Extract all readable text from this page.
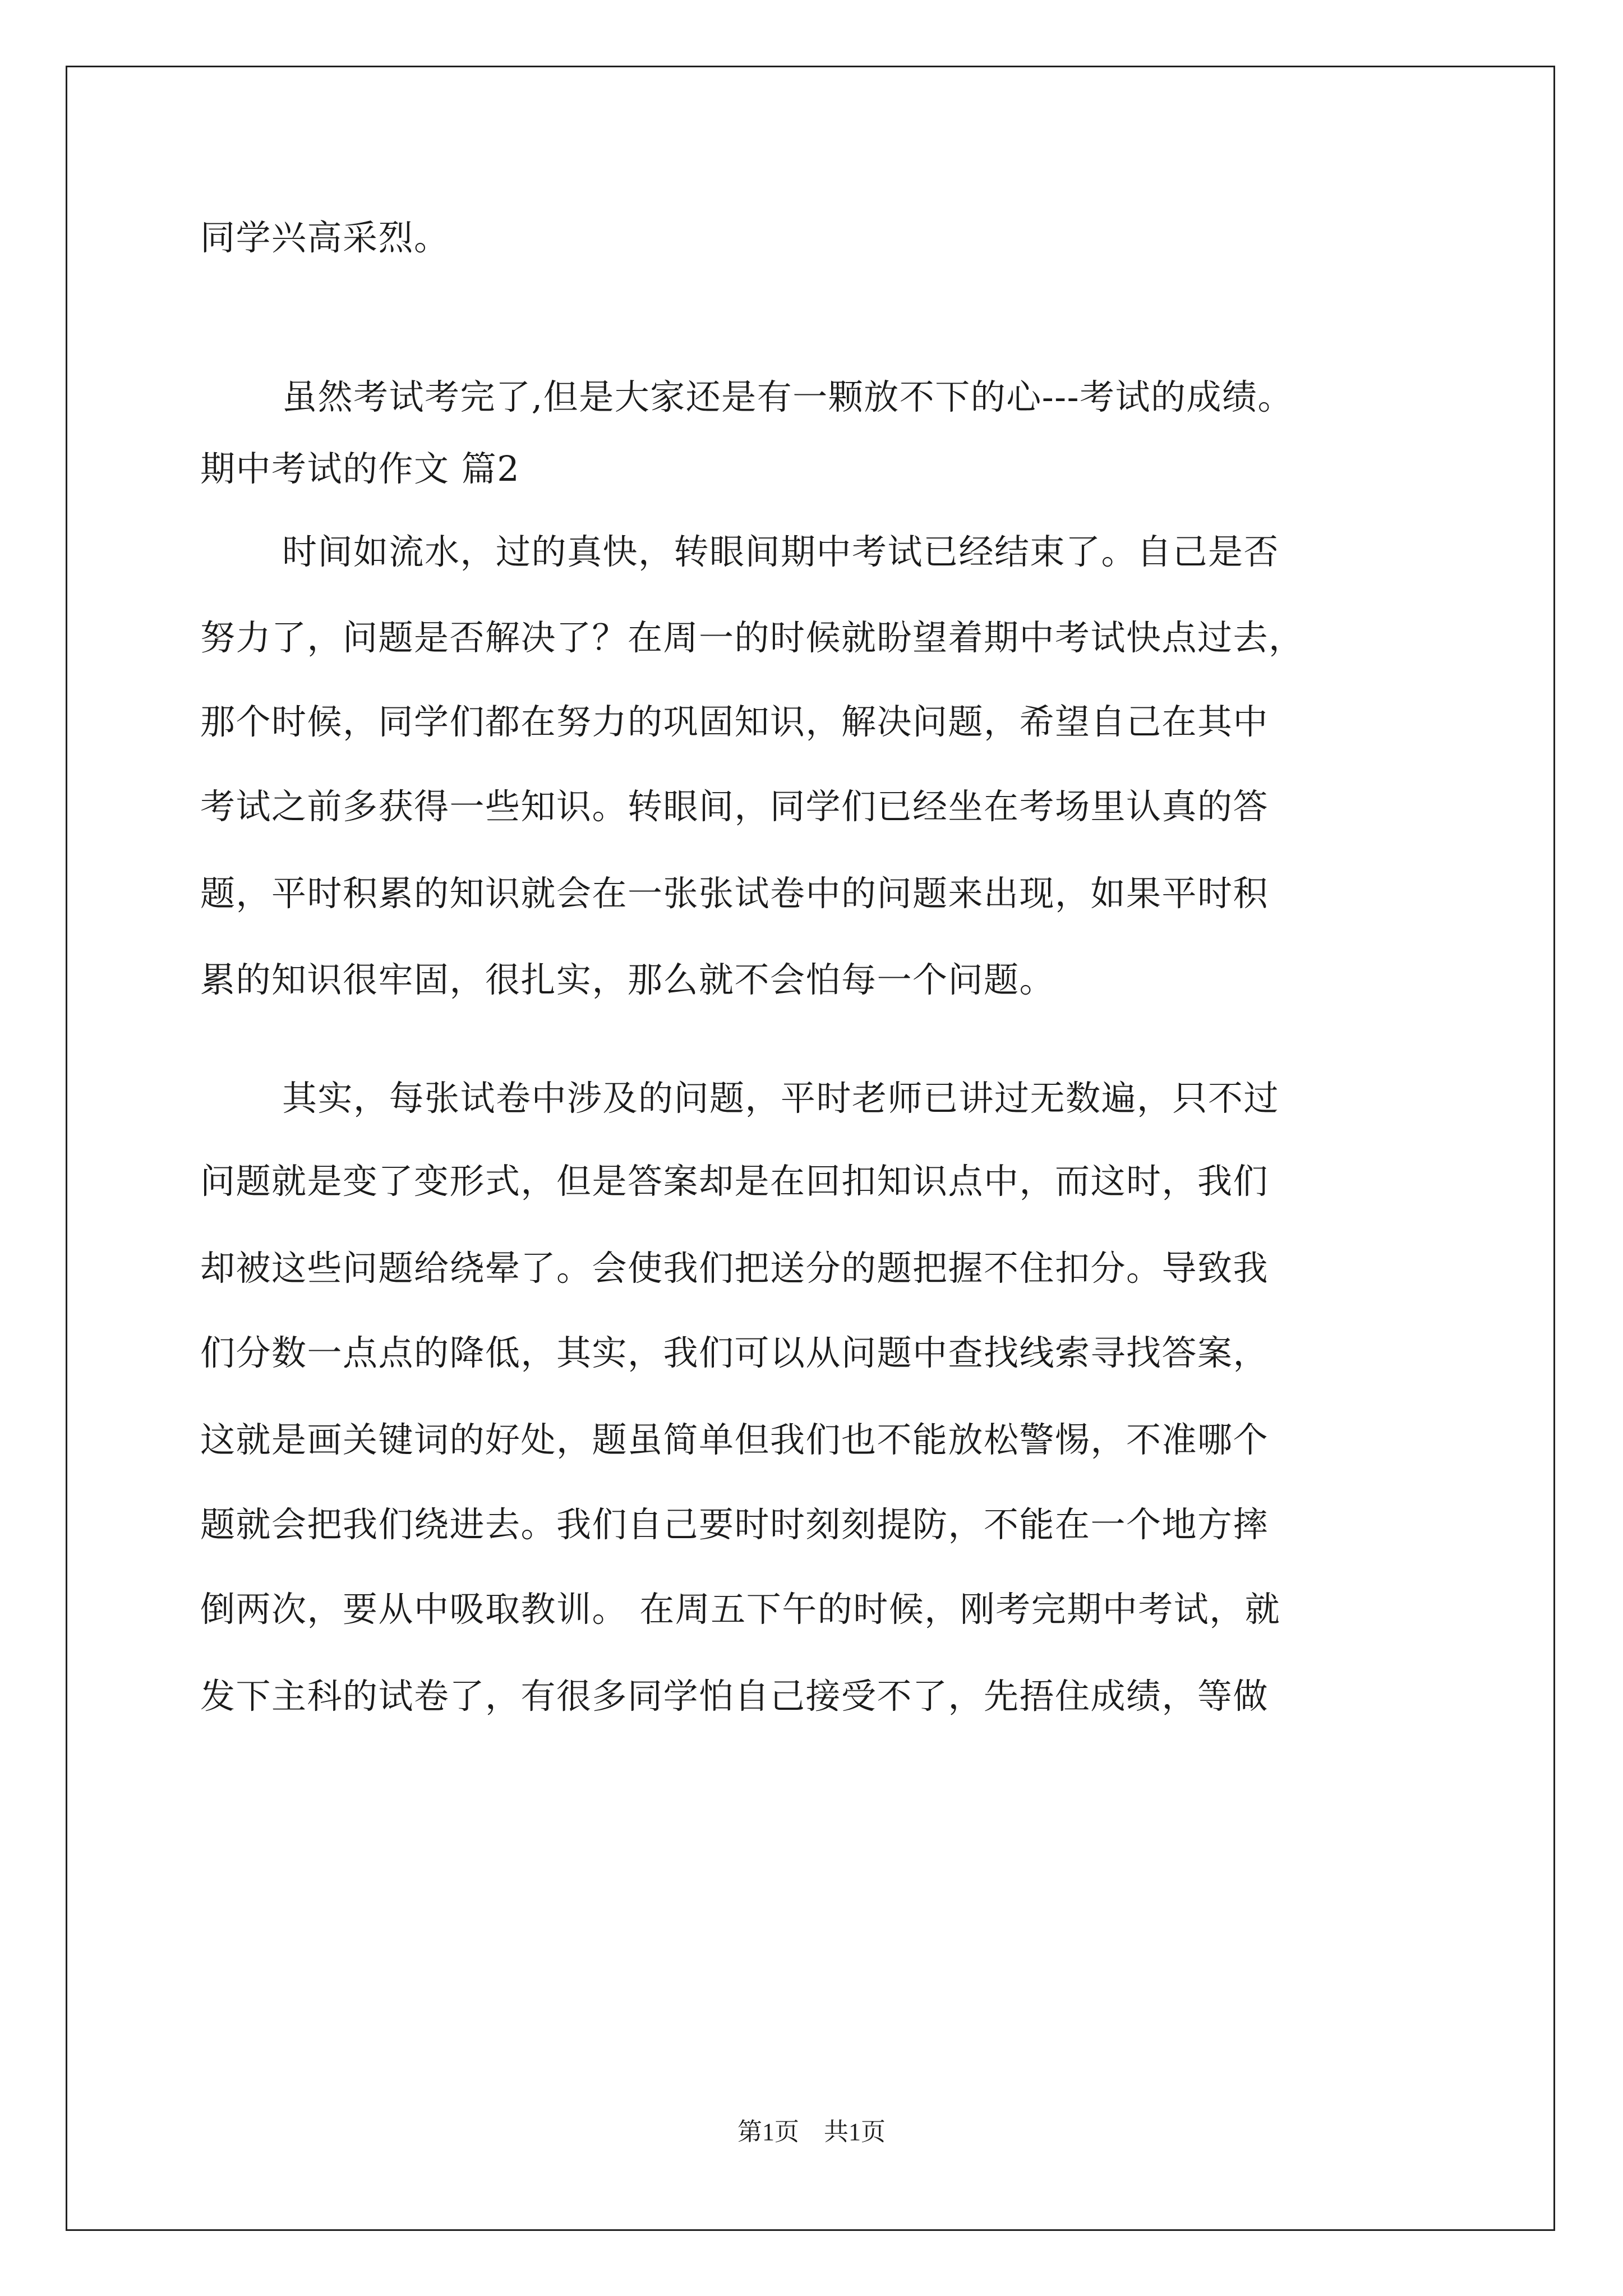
同学兴高采烈。

虽然考试考完了,但是大家还是有一颗放不下的心---考试的成绩。

期中考试的作文 篇2

时间如流水，过的真快，转眼间期中考试已经结束了。自己是否

努力了，问题是否解决了？在周一的时候就盼望着期中考试快点过去，

那个时候，同学们都在努力的巩固知识，解决问题，希望自己在其中

考试之前多获得一些知识。转眼间，同学们已经坐在考场里认真的答

题，平时积累的知识就会在一张张试卷中的问题来出现，如果平时积

累的知识很牢固，很扎实，那么就不会怕每一个问题。

其实，每张试卷中涉及的问题，平时老师已讲过无数遍，只不过

问题就是变了变形式，但是答案却是在回扣知识点中，而这时，我们

却被这些问题给绕晕了。会使我们把送分的题把握不住扣分。导致我

们分数一点点的降低，其实，我们可以从问题中查找线索寻找答案，

这就是画关键词的好处，题虽简单但我们也不能放松警惕，不准哪个

题就会把我们绕进去。我们自己要时时刻刻提防，不能在一个地方摔

倒两次，要从中吸取教训。 在周五下午的时候，刚考完期中考试，就

发下主科的试卷了，有很多同学怕自己接受不了，先捂住成绩，等做

第1页　共1页
